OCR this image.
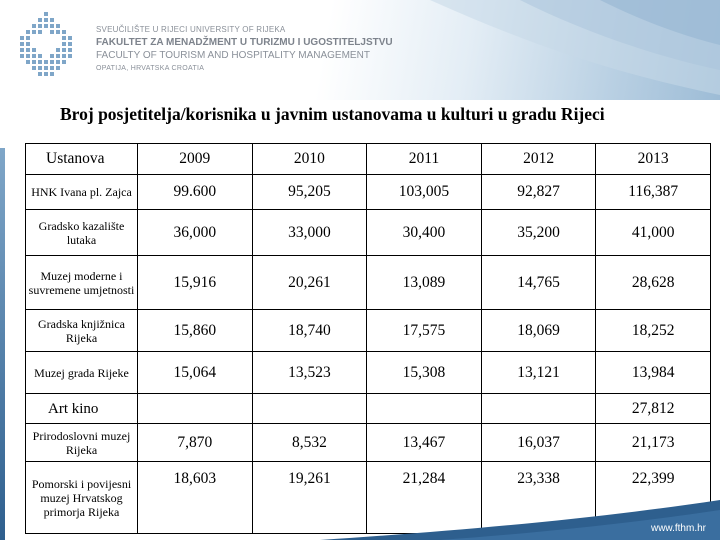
SVEUČILIŠTE U RIJECI UNIVERSITY OF RIJEKA
FAKULTET ZA MENADŽMENT U TURIZMU I UGOSTITELJSTVU
FACULTY OF TOURISM AND HOSPITALITY MANAGEMENT
OPATIJA, HRVATSKA CROATIA
Broj posjetitelja/korisnika u javnim ustanovama u kulturi u gradu Rijeci
Ustanova	2009	2010	2011	2012	2013
HNK Ivana pl. Zajca	99.600	95,205	103,005	92,827	116,387
Gradsko kazalište lutaka	36,000	33,000	30,400	35,200	41,000
Muzej moderne i suvremene umjetnosti	15,916	20,261	13,089	14,765	28,628
Gradska knjižnica Rijeka	15,860	18,740	17,575	18,069	18,252
Muzej grada Rijeke	15,064	13,523	15,308	13,121	13,984
Art kino					27,812
Prirodoslovni muzej Rijeka	7,870	8,532	13,467	16,037	21,173
Pomorski i povijesni muzej Hrvatskog primorja Rijeka	18,603	19,261	21,284	23,338	22,399
www.fthm.hr
